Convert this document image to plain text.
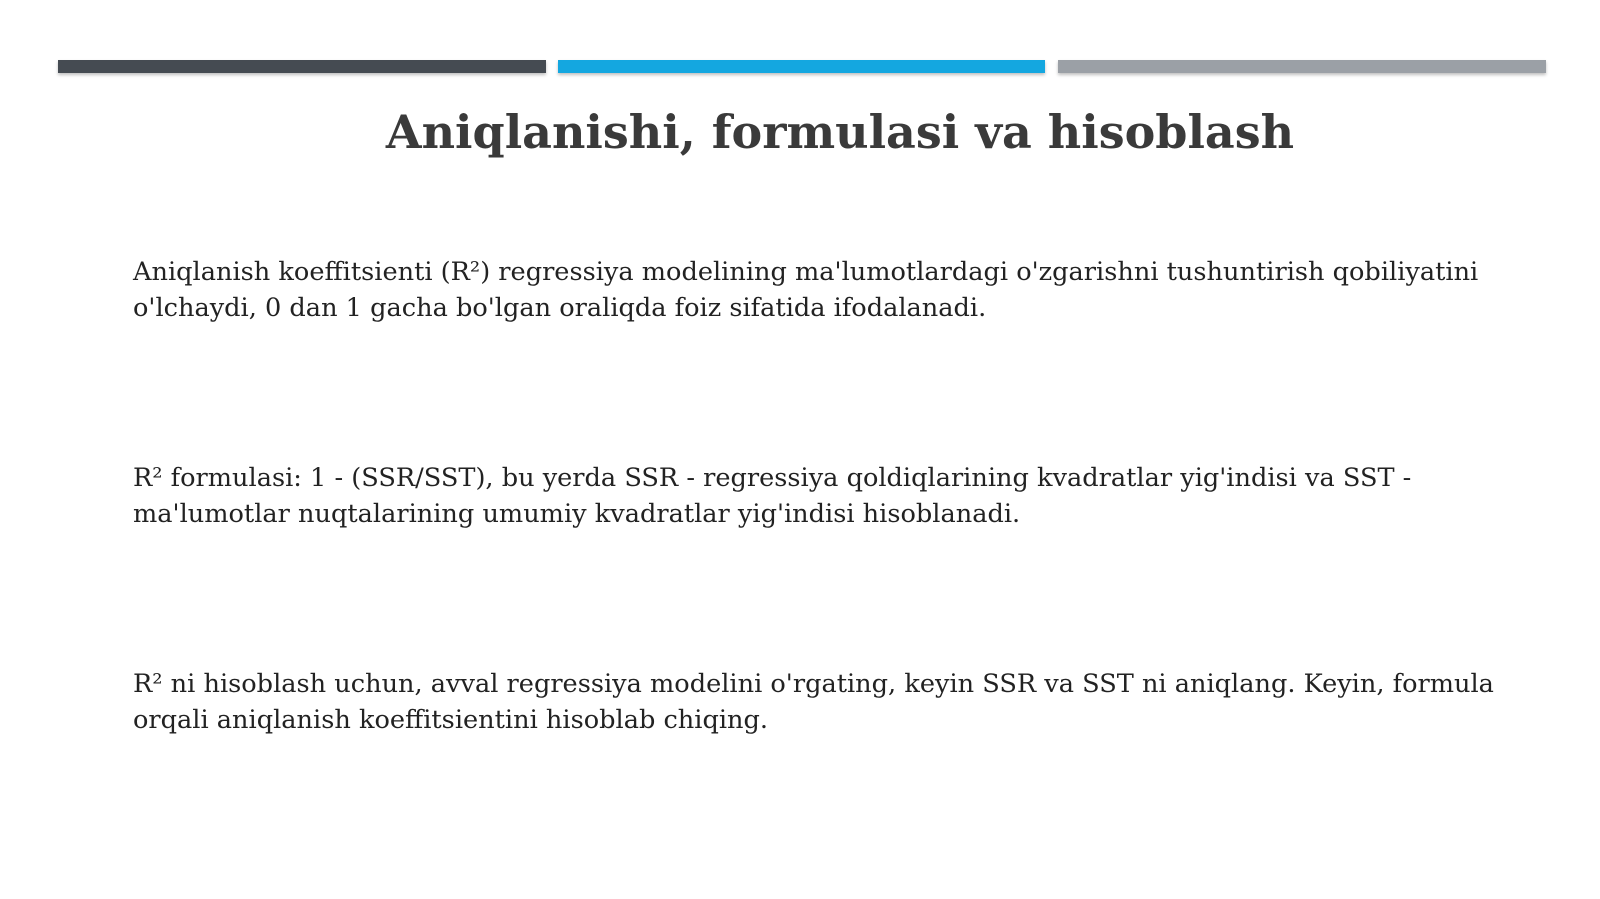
Aniqlanishi, formulasi va hisoblash

Aniqlanish koeffitsienti (R²) regressiya modelining ma'lumotlardagi o'zgarishni tushuntirish qobiliyatini o'lchaydi, 0 dan 1 gacha bo'lgan oraliqda foiz sifatida ifodalanadi.

R² formulasi: 1 - (SSR/SST), bu yerda SSR - regressiya qoldiqlarining kvadratlar yig'indisi va SST - ma'lumotlar nuqtalarining umumiy kvadratlar yig'indisi hisoblanadi.

R² ni hisoblash uchun, avval regressiya modelini o'rgating, keyin SSR va SST ni aniqlang. Keyin, formula orqali aniqlanish koeffitsientini hisoblab chiqing.
